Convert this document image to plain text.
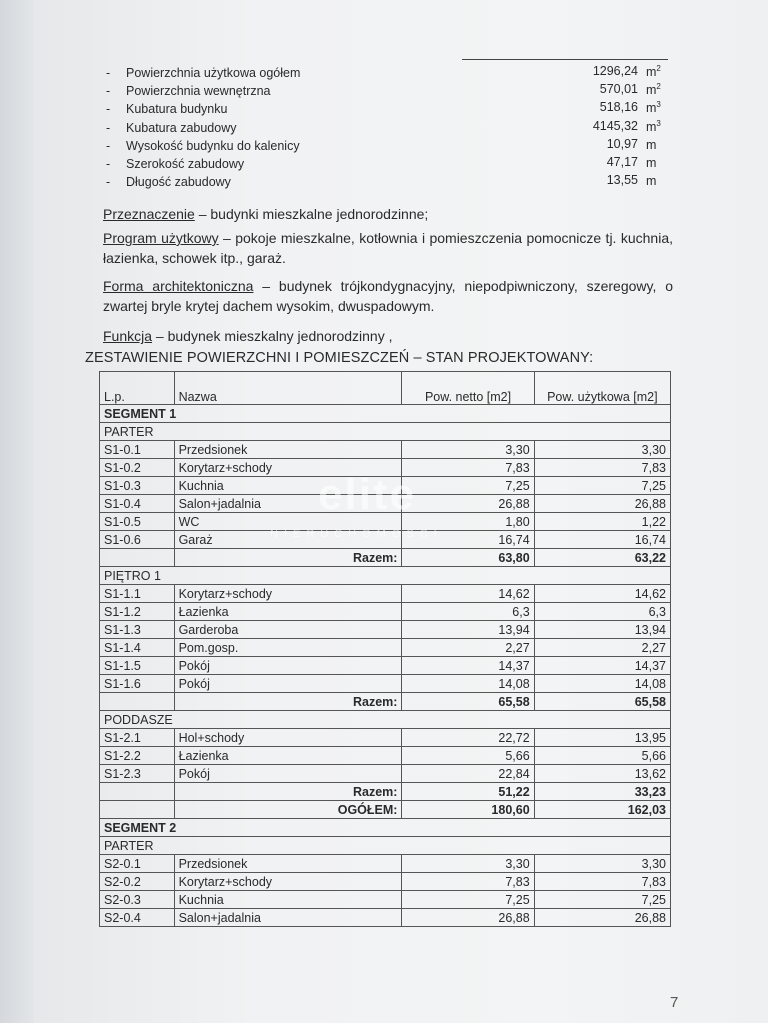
- Powierzchnia użytkowa ogółem	1296,24 $m^2$
- Powierzchnia wewnętrzna	570,01 $m^2$
- Kubatura budynku	518,16 $m^3$
- Kubatura zabudowy	4145,32 $m^3$
- Wysokość budynku do kalenicy	10,97 m
- Szerokość zabudowy	47,17 m
- Długość zabudowy	13,55 m
Przeznaczenie – budynki mieszkalne jednorodzinne;
Program użytkowy – pokoje mieszkalne, kotłownia i pomieszczenia pomocnicze tj. kuchnia, łazienka, schowek itp., garaż.
Forma architektoniczna – budynek trójkondygnacyjny, niepodpiwniczony, szeregowy, o zwartej bryle krytej dachem wysokim, dwuspadowym.
Funkcja – budynek mieszkalny jednorodzinny ,
ZESTAWIENIE POWIERZCHNI I POMIESZCZEŃ – STAN PROJEKTOWANY:
L.p.	Nazwa	Pow. netto [m2]	Pow. użytkowa [m2]
SEGMENT 1			
PARTER			
S1-0.1	Przedsionek	3,30	3,30
S1-0.2	Korytarz+schody	7,83	7,83
S1-0.3	Kuchnia	7,25	7,25
S1-0.4	Salon+jadalnia	26,88	26,88
S1-0.5	WC	1,80	1,22
S1-0.6	Garaż	16,74	16,74
	Razem:	63,80	63,22
PIĘTRO 1			
S1-1.1	Korytarz+schody	14,62	14,62
S1-1.2	Łazienka	6,3	6,3
S1-1.3	Garderoba	13,94	13,94
S1-1.4	Pom.gosp.	2,27	2,27
S1-1.5	Pokój	14,37	14,37
S1-1.6	Pokój	14,08	14,08
	Razem:	65,58	65,58
PODDASZE			
S1-2.1	Hol+schody	22,72	13,95
S1-2.2	Łazienka	5,66	5,66
S1-2.3	Pokój	22,84	13,62
	Razem:	51,22	33,23
	OGÓŁEM:	180,60	162,03
SEGMENT 2			
PARTER			
S2-0.1	Przedsionek	3,30	3,30
S2-0.2	Korytarz+schody	7,83	7,83
S2-0.3	Kuchnia	7,25	7,25
S2-0.4	Salon+jadalnia	26,88	26,88
elite
NIERUCHOMOŚCI
7
